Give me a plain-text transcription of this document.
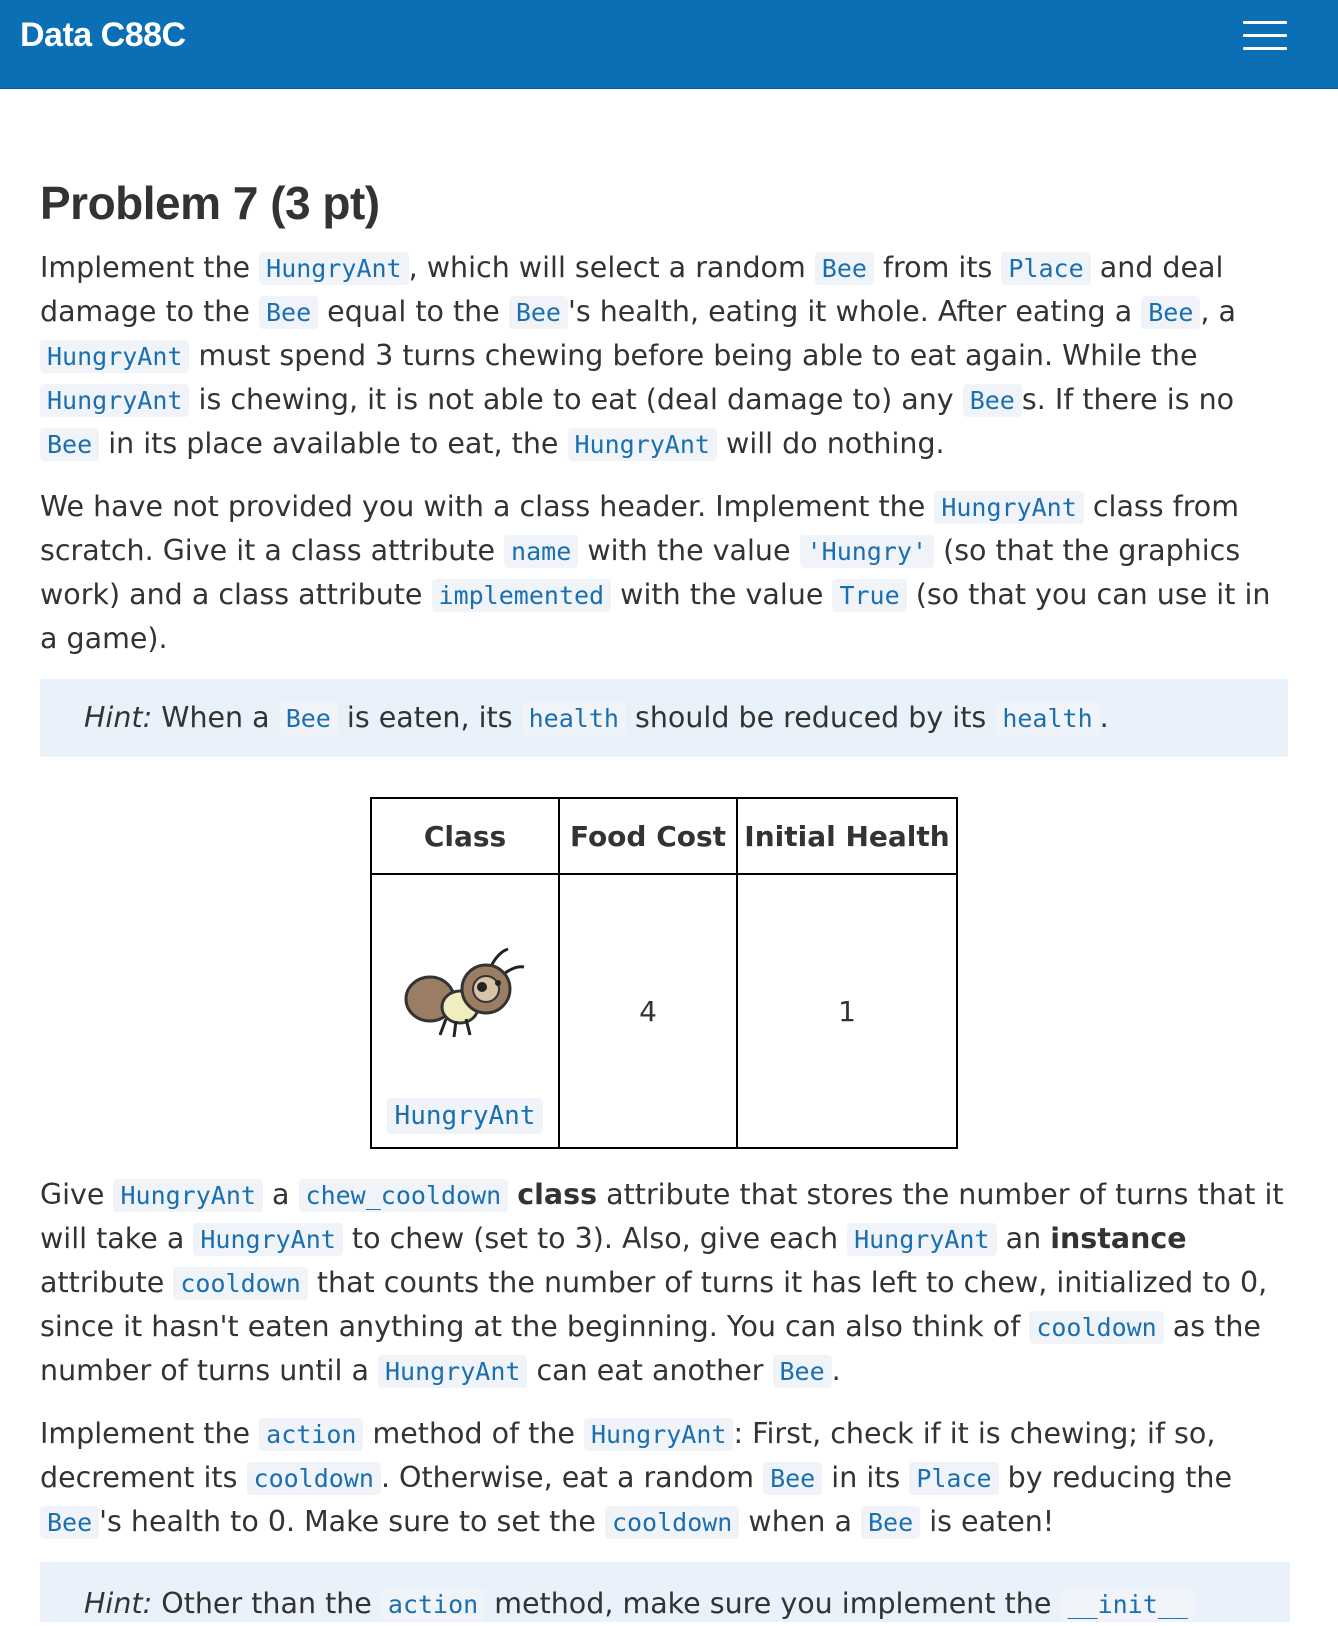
Data C88C
Problem 7 (3 pt)

Implement the HungryAnt , which will select a random Bee from its Place and deal damage to the Bee equal to the Bee 's health, eating it whole. After eating a Bee , a HungryAnt must spend 3 turns chewing before being able to eat again. While the HungryAnt is chewing, it is not able to eat (deal damage to) any Bee s. If there is no Bee in its place available to eat, the HungryAnt will do nothing.

We have not provided you with a class header. Implement the HungryAnt class from scratch. Give it a class attribute name with the value 'Hungry' (so that the graphics work) and a class attribute implemented with the value True (so that you can use it in a game).

Hint: When a Bee is eaten, its health should be reduced by its health .
Class	Food Cost	Initial Health

HungryAnt	4	1

Give HungryAnt a chew_cooldown class attribute that stores the number of turns that it will take a HungryAnt to chew (set to 3). Also, give each HungryAnt an instance attribute cooldown that counts the number of turns it has left to chew, initialized to 0, since it hasn't eaten anything at the beginning. You can also think of cooldown as the number of turns until a HungryAnt can eat another Bee .

Implement the action method of the HungryAnt : First, check if it is chewing; if so, decrement its cooldown . Otherwise, eat a random Bee in its Place by reducing the Bee 's health to 0. Make sure to set the cooldown when a Bee is eaten!

Hint: Other than the action method, make sure you implement the __init__
